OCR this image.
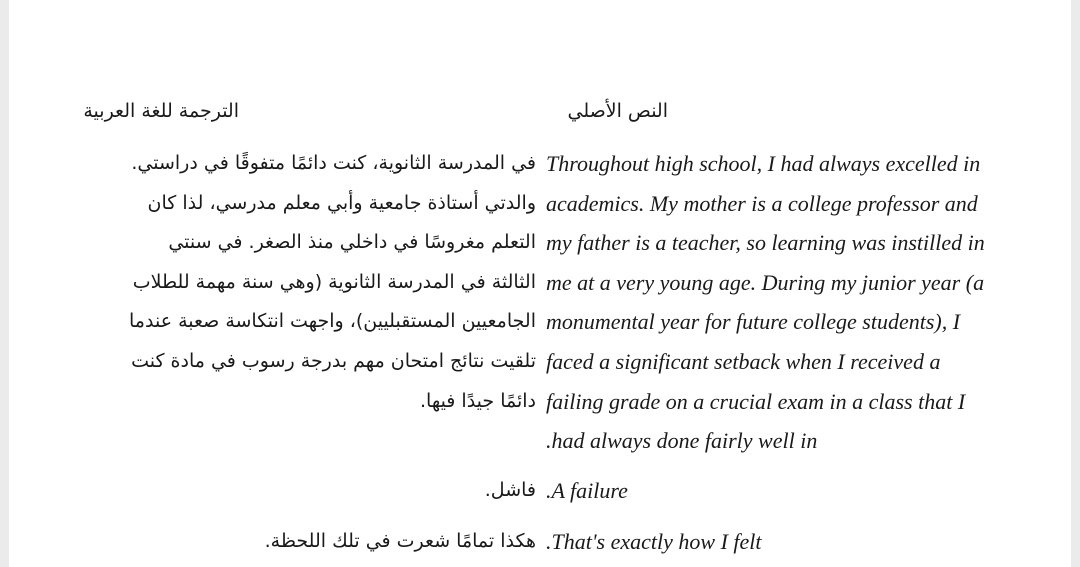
الترجمة للغة العربية	النص الأصلي
Throughout high school, I had always excelled in
academics. My mother is a college professor and
my father is a teacher, so learning was instilled in
me at a very young age. During my junior year (a
monumental year for future college students), I
faced a significant setback when I received a
failing grade on a crucial exam in a class that I
had always done fairly well in.
A failure.
That's exactly how I felt.
في المدرسة الثانوية، كنت دائمًا متفوقًا في دراستي.
والدتي أستاذة جامعية وأبي معلم مدرسي، لذا كان
التعلم مغروسًا في داخلي منذ الصغر. في سنتي
الثالثة في المدرسة الثانوية (وهي سنة مهمة للطلاب
الجامعيين المستقبليين)، واجهت انتكاسة صعبة عندما
تلقيت نتائج امتحان مهم بدرجة رسوب في مادة كنت
دائمًا جيدًا فيها.
فاشل.
هكذا تمامًا شعرت في تلك اللحظة.
